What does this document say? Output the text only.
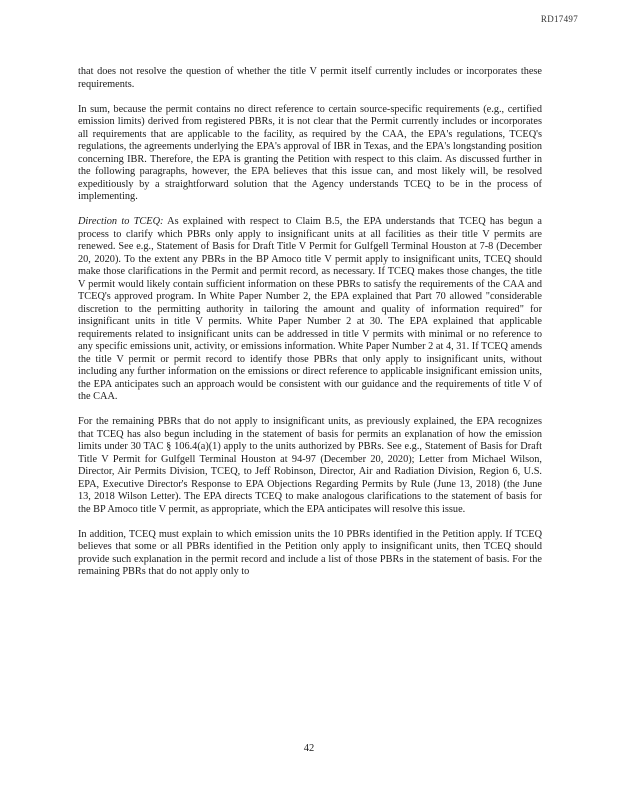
RD17497

that does not resolve the question of whether the title V permit itself currently includes or incorporates these requirements.

In sum, because the permit contains no direct reference to certain source-specific requirements (e.g., certified emission limits) derived from registered PBRs, it is not clear that the Permit currently includes or incorporates all requirements that are applicable to the facility, as required by the CAA, the EPA's regulations, TCEQ's regulations, the agreements underlying the EPA's approval of IBR in Texas, and the EPA's longstanding position concerning IBR. Therefore, the EPA is granting the Petition with respect to this claim. As discussed further in the following paragraphs, however, the EPA believes that this issue can, and most likely will, be resolved expeditiously by a straightforward solution that the Agency understands TCEQ to be in the process of implementing.

Direction to TCEQ: As explained with respect to Claim B.5, the EPA understands that TCEQ has begun a process to clarify which PBRs only apply to insignificant units at all facilities as their title V permits are renewed. See e.g., Statement of Basis for Draft Title V Permit for Gulfgell Terminal Houston at 7-8 (December 20, 2020). To the extent any PBRs in the BP Amoco title V permit apply to insignificant units, TCEQ should make those clarifications in the Permit and permit record, as necessary. If TCEQ makes those changes, the title V permit would likely contain sufficient information on these PBRs to satisfy the requirements of the CAA and TCEQ's approved program. In White Paper Number 2, the EPA explained that Part 70 allowed "considerable discretion to the permitting authority in tailoring the amount and quality of information required" for insignificant units in title V permits. White Paper Number 2 at 30. The EPA explained that applicable requirements related to insignificant units can be addressed in title V permits with minimal or no reference to any specific emissions unit, activity, or emissions information. White Paper Number 2 at 4, 31. If TCEQ amends the title V permit or permit record to identify those PBRs that only apply to insignificant units, without including any further information on the emissions or direct reference to applicable insignificant emission units, the EPA anticipates such an approach would be consistent with our guidance and the requirements of title V of the CAA.

For the remaining PBRs that do not apply to insignificant units, as previously explained, the EPA recognizes that TCEQ has also begun including in the statement of basis for permits an explanation of how the emission limits under 30 TAC § 106.4(a)(1) apply to the units authorized by PBRs. See e.g., Statement of Basis for Draft Title V Permit for Gulfgell Terminal Houston at 94-97 (December 20, 2020); Letter from Michael Wilson, Director, Air Permits Division, TCEQ, to Jeff Robinson, Director, Air and Radiation Division, Region 6, U.S. EPA, Executive Director's Response to EPA Objections Regarding Permits by Rule (June 13, 2018) (the June 13, 2018 Wilson Letter). The EPA directs TCEQ to make analogous clarifications to the statement of basis for the BP Amoco title V permit, as appropriate, which the EPA anticipates will resolve this issue.

In addition, TCEQ must explain to which emission units the 10 PBRs identified in the Petition apply. If TCEQ believes that some or all PBRs identified in the Petition only apply to insignificant units, then TCEQ should provide such explanation in the permit record and include a list of those PBRs in the statement of basis. For the remaining PBRs that do not apply only to

42
